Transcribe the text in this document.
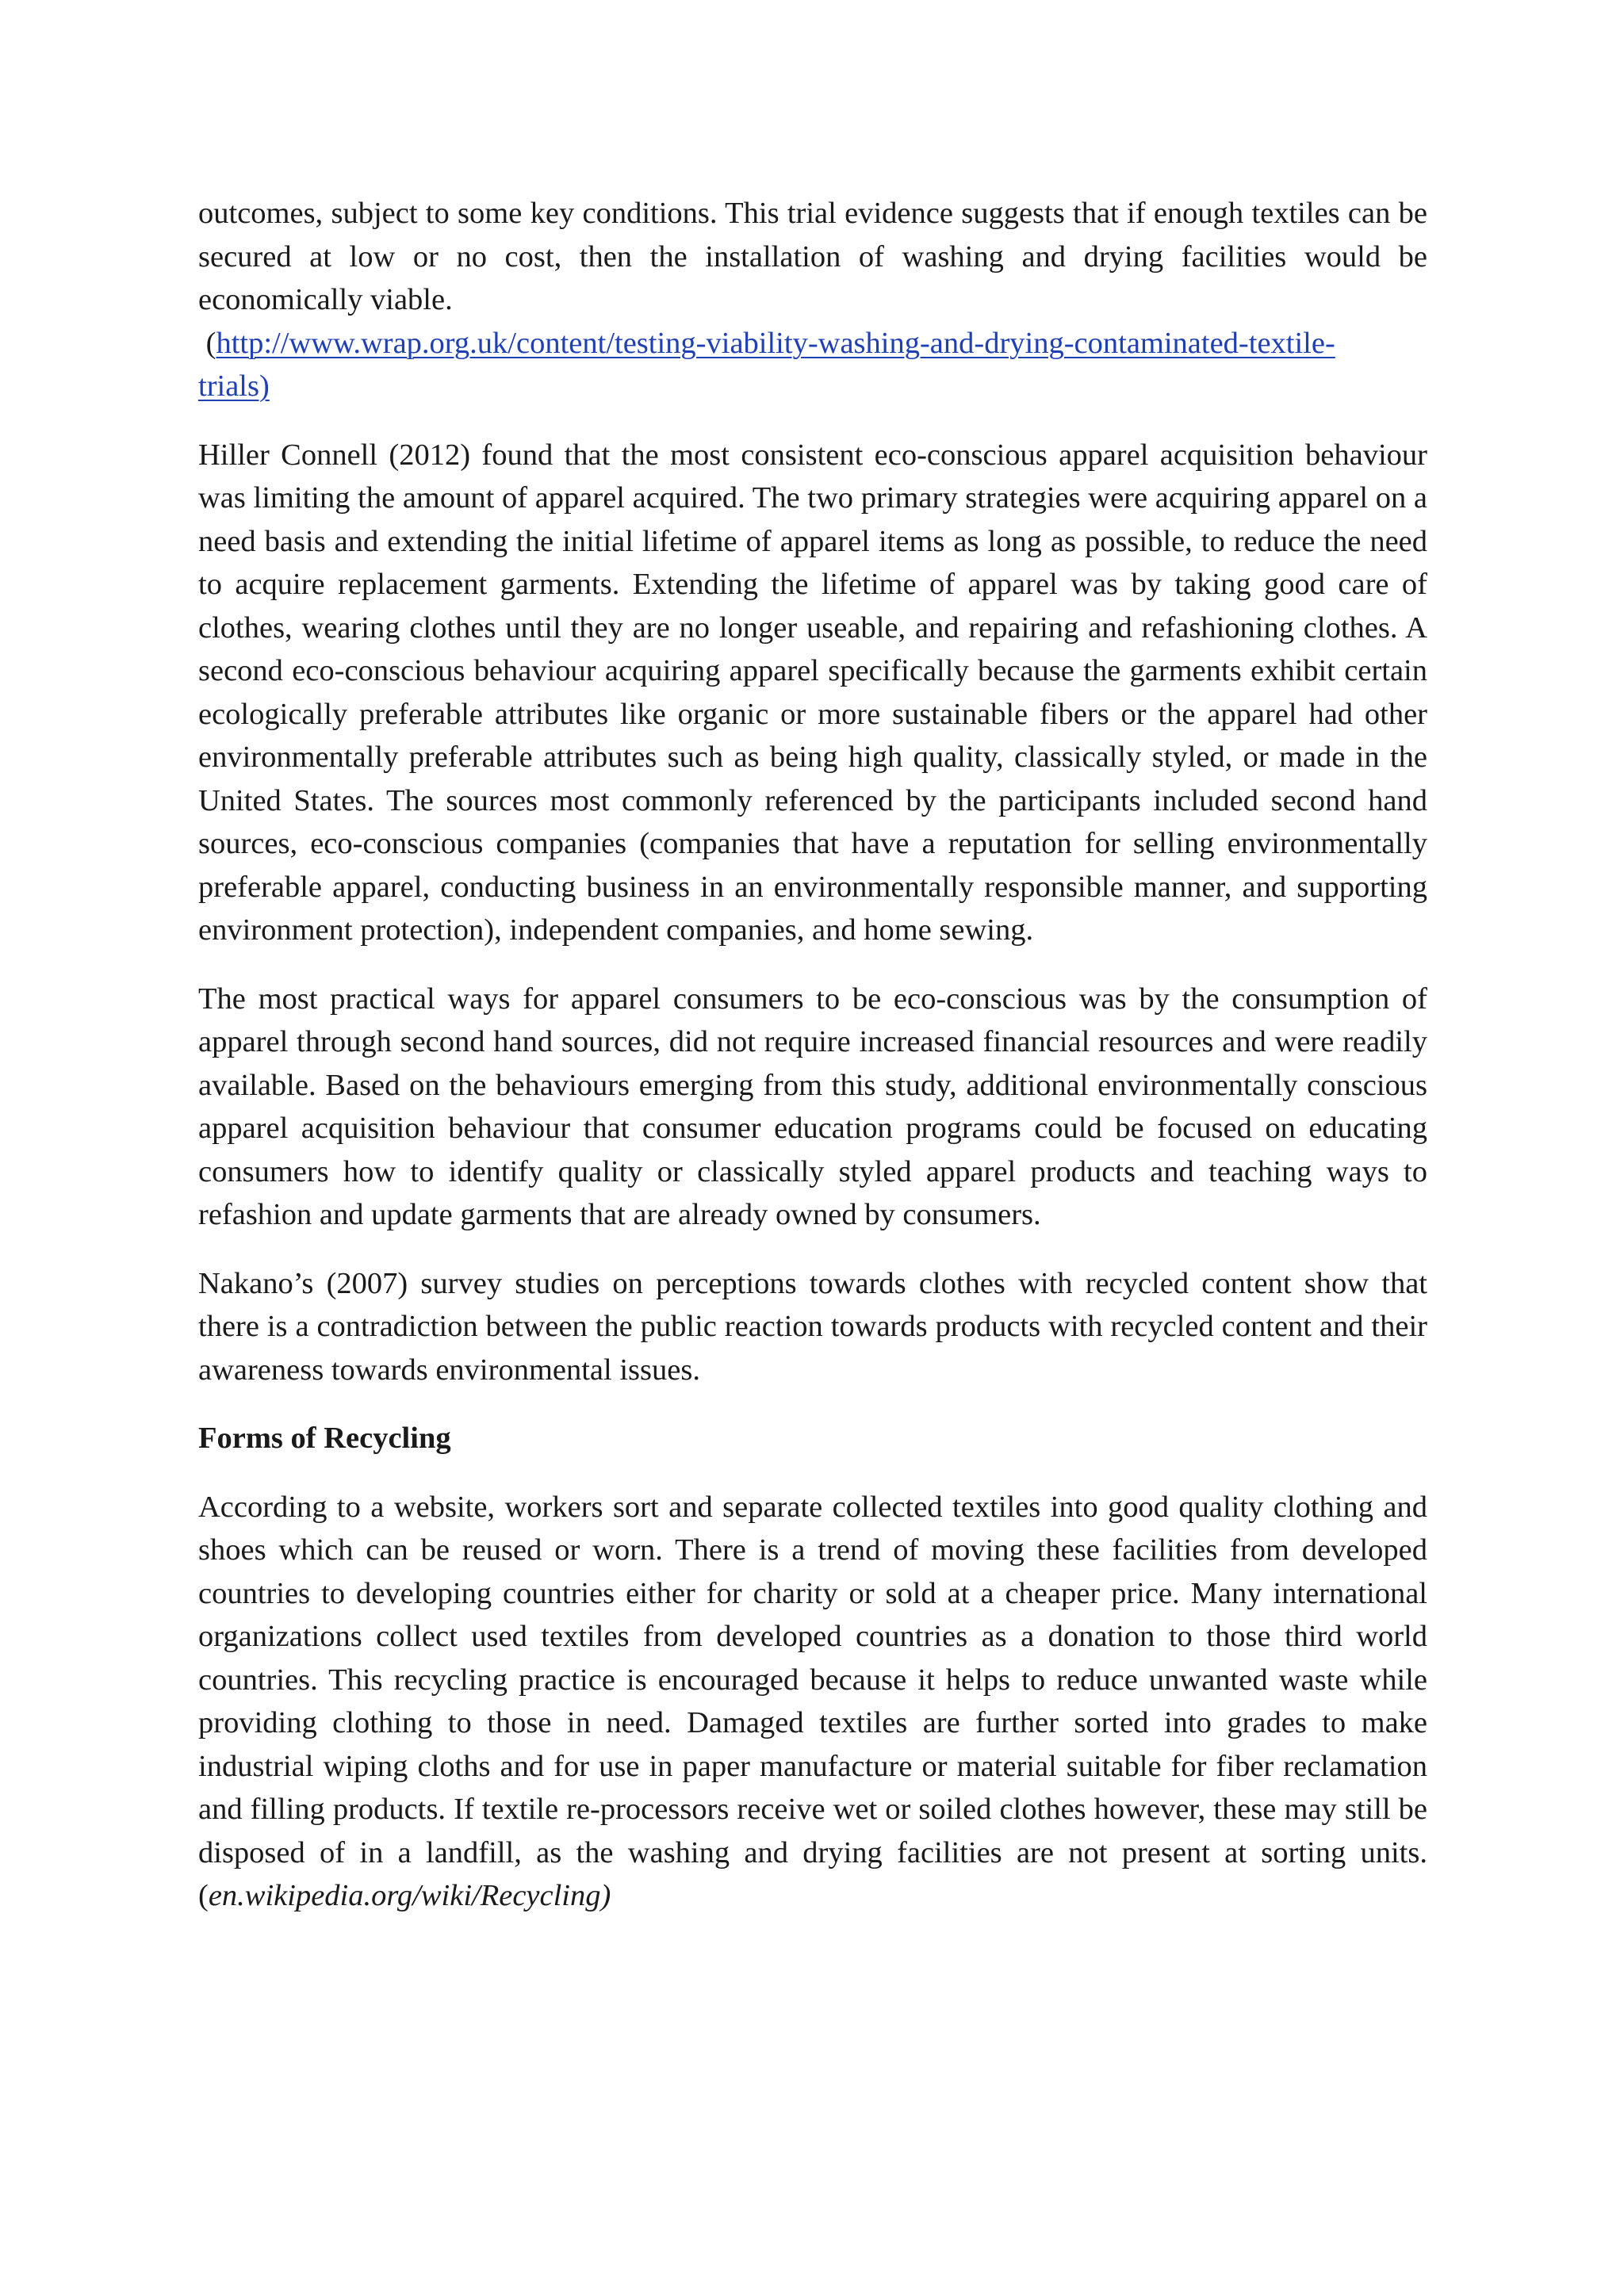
outcomes, subject to some key conditions. This trial evidence suggests that if enough textiles can be secured at low or no cost, then the installation of washing and drying facilities would be economically viable.

(http://www.wrap.org.uk/content/testing-viability-washing-and-drying-contaminated-textile-
trials)

Hiller Connell (2012) found that the most consistent eco-conscious apparel acquisition behaviour was limiting the amount of apparel acquired. The two primary strategies were acquiring apparel on a need basis and extending the initial lifetime of apparel items as long as possible, to reduce the need to acquire replacement garments. Extending the lifetime of apparel was by taking good care of clothes, wearing clothes until they are no longer useable, and repairing and refashioning clothes. A second eco-conscious behaviour acquiring apparel specifically because the garments exhibit certain ecologically preferable attributes like organic or more sustainable fibers or the apparel had other environmentally preferable attributes such as being high quality, classically styled, or made in the United States. The sources most commonly referenced by the participants included second hand sources, eco-conscious companies (companies that have a reputation for selling environmentally preferable apparel, conducting business in an environmentally responsible manner, and supporting environment protection), independent companies, and home sewing.

The most practical ways for apparel consumers to be eco-conscious was by the consumption of apparel through second hand sources, did not require increased financial resources and were readily available. Based on the behaviours emerging from this study, additional environmentally conscious apparel acquisition behaviour that consumer education programs could be focused on educating consumers how to identify quality or classically styled apparel products and teaching ways to refashion and update garments that are already owned by consumers.

Nakano’s (2007) survey studies on perceptions towards clothes with recycled content show that there is a contradiction between the public reaction towards products with recycled content and their awareness towards environmental issues.

Forms of Recycling

According to a website, workers sort and separate collected textiles into good quality clothing and shoes which can be reused or worn. There is a trend of moving these facilities from developed countries to developing countries either for charity or sold at a cheaper price. Many international organizations collect used textiles from developed countries as a donation to those third world countries. This recycling practice is encouraged because it helps to reduce unwanted waste while providing clothing to those in need. Damaged textiles are further sorted into grades to make industrial wiping cloths and for use in paper manufacture or material suitable for fiber reclamation and filling products. If textile re-processors receive wet or soiled clothes however, these may still be disposed of in a landfill, as the washing and drying facilities are not present at sorting units. (en.wikipedia.org/wiki/Recycling)
